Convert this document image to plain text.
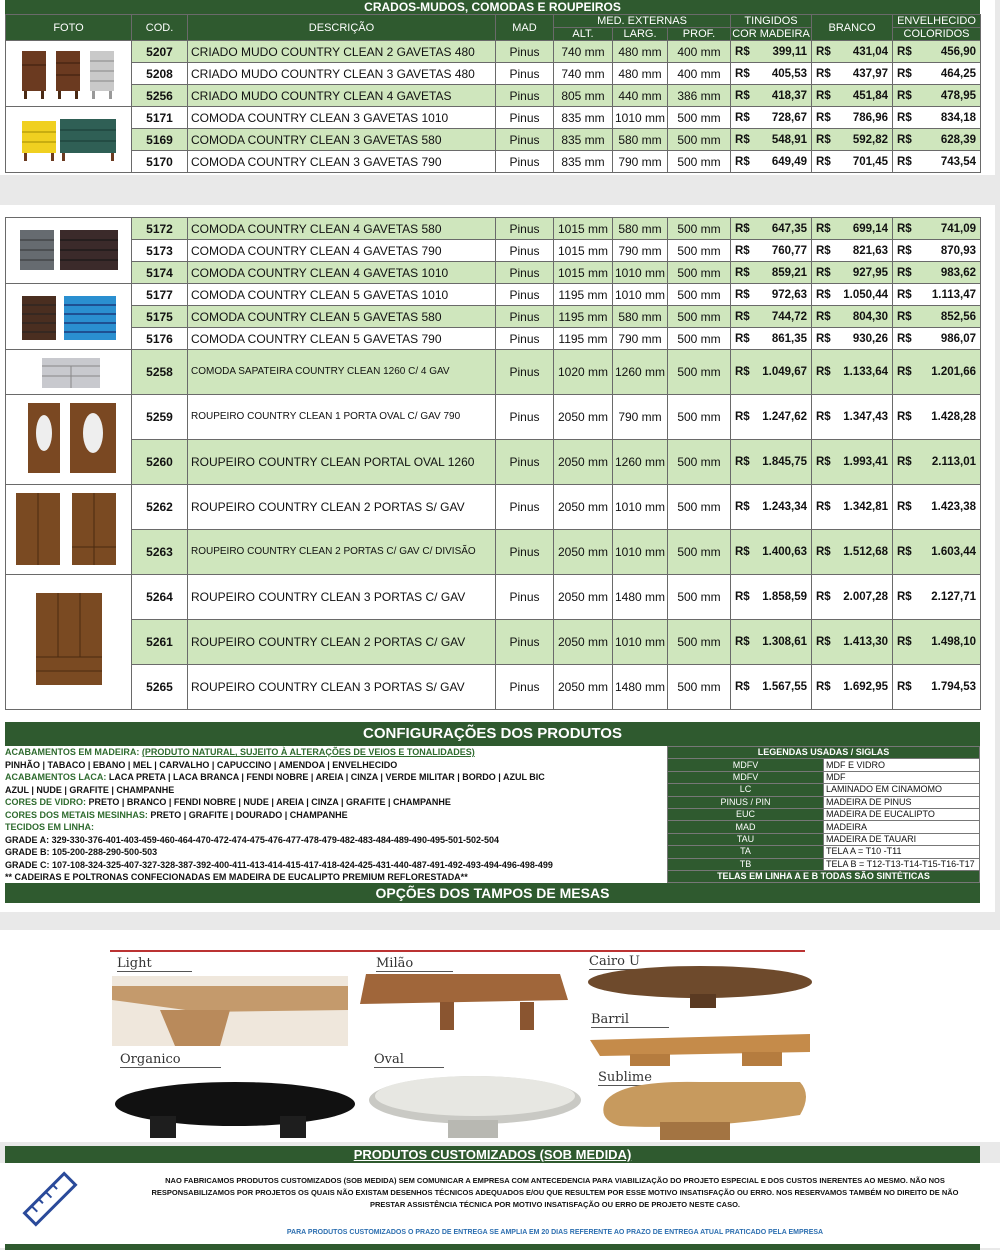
CRADOS-MUDOS, COMODAS E ROUPEIROS
FOTO	COD.	DESCRIÇÃO	MAD	MED. EXTERNAS			TINGIDOS	BRANCO	ENVELHECIDO
				ALT.	LARG.	PROF.	COR MADEIRA		COLORIDOS

	5207	CRIADO MUDO COUNTRY CLEAN 2 GAVETAS 480	Pinus	740 mm	480 mm	400 mm	R$ 399,11	R$ 431,04	R$ 456,90

	5208	CRIADO MUDO COUNTRY CLEAN 3 GAVETAS 480	Pinus	740 mm	480 mm	400 mm	R$ 405,53	R$ 437,97	R$ 464,25

	5256	CRIADO MUDO COUNTRY CLEAN 4 GAVETAS	Pinus	805 mm	440 mm	386 mm	R$ 418,37	R$ 451,84	R$ 478,95

	5171	COMODA COUNTRY CLEAN 3 GAVETAS 1010	Pinus	835 mm	1010 mm	500 mm	R$ 728,67	R$ 786,96	R$ 834,18

	5169	COMODA COUNTRY CLEAN 3 GAVETAS 580	Pinus	835 mm	580 mm	500 mm	R$ 548,91	R$ 592,82	R$ 628,39

	5170	COMODA COUNTRY CLEAN 3 GAVETAS 790	Pinus	835 mm	790 mm	500 mm	R$ 649,49	R$ 701,45	R$ 743,54
	5172	COMODA COUNTRY CLEAN 4 GAVETAS 580	Pinus	1015 mm	580 mm	500 mm	R$ 647,35	R$ 699,14	R$ 741,09

	5173	COMODA COUNTRY CLEAN 4 GAVETAS 790	Pinus	1015 mm	790 mm	500 mm	R$ 760,77	R$ 821,63	R$ 870,93

	5174	COMODA COUNTRY CLEAN 4 GAVETAS 1010	Pinus	1015 mm	1010 mm	500 mm	R$ 859,21	R$ 927,95	R$ 983,62

	5177	COMODA COUNTRY CLEAN 5 GAVETAS 1010	Pinus	1195 mm	1010 mm	500 mm	R$ 972,63	R$ 1.050,44	R$ 1.113,47

	5175	COMODA COUNTRY CLEAN 5 GAVETAS 580	Pinus	1195 mm	580 mm	500 mm	R$ 744,72	R$ 804,30	R$ 852,56

	5176	COMODA COUNTRY CLEAN 5 GAVETAS 790	Pinus	1195 mm	790 mm	500 mm	R$ 861,35	R$ 930,26	R$ 986,07

	5258	COMODA SAPATEIRA COUNTRY CLEAN 1260 C/ 4 GAV	Pinus	1020 mm	1260 mm	500 mm	R$ 1.049,67	R$ 1.133,64	R$ 1.201,66

	5259	ROUPEIRO COUNTRY CLEAN 1 PORTA OVAL C/ GAV 790	Pinus	2050 mm	790 mm	500 mm	R$ 1.247,62	R$ 1.347,43	R$ 1.428,28

	5260	ROUPEIRO COUNTRY CLEAN PORTAL OVAL 1260	Pinus	2050 mm	1260 mm	500 mm	R$ 1.845,75	R$ 1.993,41	R$ 2.113,01

	5262	ROUPEIRO COUNTRY CLEAN 2 PORTAS S/ GAV	Pinus	2050 mm	1010 mm	500 mm	R$ 1.243,34	R$ 1.342,81	R$ 1.423,38

	5263	ROUPEIRO COUNTRY CLEAN 2 PORTAS C/ GAV C/ DIVISÃO	Pinus	2050 mm	1010 mm	500 mm	R$ 1.400,63	R$ 1.512,68	R$ 1.603,44

	5264	ROUPEIRO COUNTRY CLEAN 3 PORTAS C/ GAV	Pinus	2050 mm	1480 mm	500 mm	R$ 1.858,59	R$ 2.007,28	R$ 2.127,71

	5261	ROUPEIRO COUNTRY CLEAN 2 PORTAS C/ GAV	Pinus	2050 mm	1010 mm	500 mm	R$ 1.308,61	R$ 1.413,30	R$ 1.498,10

	5265	ROUPEIRO COUNTRY CLEAN 3 PORTAS S/ GAV	Pinus	2050 mm	1480 mm	500 mm	R$ 1.567,55	R$ 1.692,95	R$ 1.794,53
CONFIGURAÇÕES DOS PRODUTOS
ACABAMENTOS EM MADEIRA: (PRODUTO NATURAL, SUJEITO À ALTERAÇÕES DE VEIOS E TONALIDADES)
PINHÃO | TABACO | EBANO | MEL | CARVALHO | CAPUCCINO | AMENDOA | ENVELHECIDO
ACABAMENTOS LACA: LACA PRETA | LACA BRANCA | FENDI NOBRE | AREIA | CINZA | VERDE MILITAR | BORDO | AZUL BIC
AZUL | NUDE | GRAFITE | CHAMPANHE
CORES DE VIDRO: PRETO | BRANCO | FENDI NOBRE | NUDE | AREIA | CINZA | GRAFITE | CHAMPANHE
CORES DOS METAIS MESINHAS: PRETO | GRAFITE | DOURADO | CHAMPANHE
TECIDOS EM LINHA:
GRADE A: 329-330-376-401-403-459-460-464-470-472-474-475-476-477-478-479-482-483-484-489-490-495-501-502-504
GRADE B: 105-200-288-290-500-503
GRADE C: 107-108-324-325-407-327-328-387-392-400-411-413-414-415-417-418-424-425-431-440-487-491-492-493-494-496-498-499
** CADEIRAS E POLTRONAS CONFECIONADAS EM MADEIRA DE EUCALIPTO PREMIUM REFLORESTADA**
LEGENDAS USADAS / SIGLAS	
MDFV	MDF E VIDRO
MDFV	MDF
LC	LAMINADO EM CINAMOMO
PINUS / PIN	MADEIRA DE PINUS
EUC	MADEIRA DE EUCALIPTO
MAD	MADEIRA
TAU	MADEIRA DE TAUARI
TA	TELA A = T10 -T11
TB	TELA B = T12-T13-T14-T15-T16-T17
TELAS EM LINHA A E B TODAS SÃO SINTÉTICAS	
OPÇÕES DOS TAMPOS DE MESAS
Light	Milão	Cairo U
Barril
Organico	Oval
Sublime
PRODUTOS CUSTOMIZADOS (SOB MEDIDA)
NAO FABRICAMOS PRODUTOS CUSTOMIZADOS (SOB MEDIDA) SEM COMUNICAR A EMPRESA COM ANTECEDENCIA PARA VIABILIZAÇÃO DO PROJETO ESPECIAL E DOS CUSTOS INERENTES AO MESMO. NÃO NOS
RESPONSABILIZAMOS POR PROJETOS OS QUAIS NÃO EXISTAM DESENHOS TÉCNICOS ADEQUADOS E/OU QUE RESULTEM POR ESSE MOTIVO INSATISFAÇÃO OU ERRO. NOS RESERVAMOS TAMBÉM NO DIREITO DE NÃO
PRESTAR ASSISTÊNCIA TÉCNICA POR MOTIVO INSATISFAÇÃO OU ERRO DE PROJETO NESTE CASO.
PARA PRODUTOS CUSTOMIZADOS O PRAZO DE ENTREGA SE AMPLIA EM 20 DIAS REFERENTE AO PRAZO DE ENTREGA ATUAL PRATICADO PELA EMPRESA
